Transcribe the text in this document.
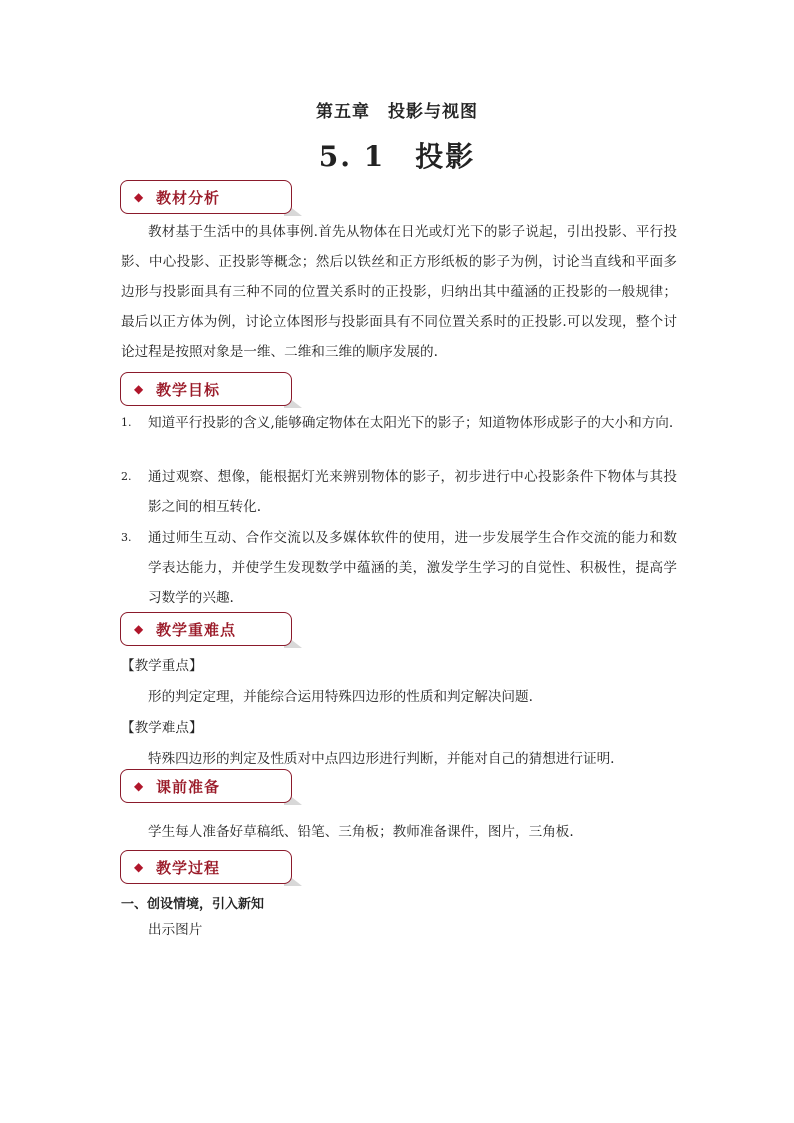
第五章　投影与视图
5. 1　投影
◆ 教材分析
教材基于生活中的具体事例.首先从物体在日光或灯光下的影子说起，引出投影、平行投影、中心投影、正投影等概念；然后以铁丝和正方形纸板的影子为例，讨论当直线和平面多边形与投影面具有三种不同的位置关系时的正投影，归纳出其中蕴涵的正投影的一般规律；最后以正方体为例，讨论立体图形与投影面具有不同位置关系时的正投影.可以发现，整个讨论过程是按照对象是一维、二维和三维的顺序发展的.
◆ 教学目标
1. 知道平行投影的含义,能够确定物体在太阳光下的影子；知道物体形成影子的大小和方向.
2. 通过观察、想像，能根据灯光来辨别物体的影子，初步进行中心投影条件下物体与其投影之间的相互转化.
3. 通过师生互动、合作交流以及多媒体软件的使用，进一步发展学生合作交流的能力和数学表达能力，并使学生发现数学中蕴涵的美，激发学生学习的自觉性、积极性，提高学习数学的兴趣.
◆ 教学重难点
【教学重点】
形的判定定理，并能综合运用特殊四边形的性质和判定解决问题.
【教学难点】
特殊四边形的判定及性质对中点四边形进行判断，并能对自己的猜想进行证明.
◆ 课前准备
学生每人准备好草稿纸、铅笔、三角板；教师准备课件，图片，三角板.
◆ 教学过程
一、创设情境，引入新知
出示图片
